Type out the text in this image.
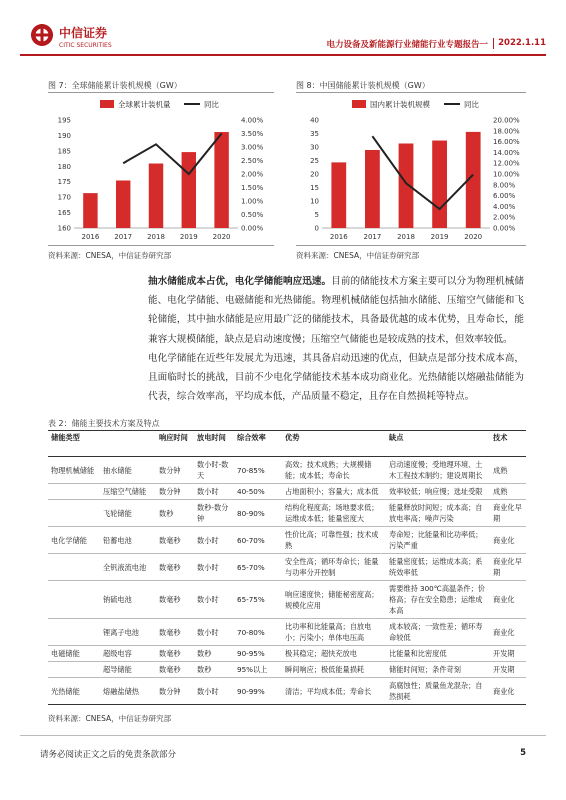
中信证券
CITIC SECURITIES	电力设备及新能源行业储能行业专题报告一 2022.1.11
图 7：全球储能累计装机规模（GW）
全球累计装机量	同比
195
190
185
180
175
170
165
160
4.00%
3.50%
3.00%
2.50%
2.00%
1.50%
1.00%
0.50%
0.00%
2016 2017 2018 2019 2020
资料来源：CNESA，中信证券研究部
图 8：中国储能累计装机规模（GW）
国内累计装机规模	同比
40
35
30
25
20
15
10
5
0
20.00%
18.00%
16.00%
14.00%
12.00%
10.00%
8.00%
6.00%
4.00%
2.00%
0.00%
2016 2017 2018 2019 2020
资料来源：CNESA，中信证券研究部

抽水储能成本占优，电化学储能响应迅速。目前的储能技术方案主要可以分为物理机械储能、电化学储能、电磁储能和光热储能。物理机械储能包括抽水储能、压缩空气储能和飞轮储能，其中抽水储能是应用最广泛的储能技术，具备最优越的成本优势，且寿命长，能兼容大规模储能，缺点是启动速度慢；压缩空气储能也是较成熟的技术，但效率较低。

电化学储能在近些年发展尤为迅速，其具备启动迅速的优点，但缺点是部分技术成本高，且面临时长的挑战，目前不少电化学储能技术基本成功商业化。光热储能以熔融盐储能为代表，综合效率高，平均成本低，产品质量不稳定，且存在自然损耗等特点。

表 2：储能主要技术方案及特点
储能类型		响应时间	放电时间	综合效率	优势	缺点	技术
物理机械储能	抽水储能	数分钟	数小时-数天	70-85%	高效；技术成熟；大规模储能；成本低；寿命长	启动速度慢；受地理环境、土木工程技术制约；建设周期长	成熟
	压缩空气储能	数分钟	数小时	40-50%	占地面积小；容量大；成本低	效率较低；响应慢；选址受限	成熟
	飞轮储能	数秒	数秒-数分钟	80-90%	结构化程度高；场地要求低；运维成本低；能量密度大	能量释放时间短；成本高；自放电率高；噪声污染	商业化早期
电化学储能	铅蓄电池	数毫秒	数小时	60-70%	性价比高；可靠性强；技术成熟	寿命短；比能量和比功率低；污染严重	商业化
	全钒液流电池	数毫秒	数小时	65-70%	安全性高；循环寿命长；能量与功率分开控制	能量密度低；运维成本高；系统效率低	商业化早期
	钠硫电池	数毫秒	数小时	65-75%	响应速度快；储能秘密度高；规模化应用	需要维持 300℃高温条件；价格高；存在安全隐患；运维成本高	商业化
	锂离子电池	数毫秒	数小时	70-80%	比功率和比能量高；自放电小；污染小；单体电压高	成本较高；一致性差；循环寿命较低	商业化
电磁储能	超级电容	数毫秒	数秒	90-95%	极其稳定；超快充放电	比能量和比密度低	开发期
	超导储能	数毫秒	数秒	95%以上	瞬间响应；极低能量损耗	储能时间短；条件苛刻	开发期
光热储能	熔融盐储热	数分钟	数小时	90-99%	清洁；平均成本低；寿命长	高腐蚀性；质量鱼龙混杂；自然损耗	商业化
资料来源：CNESA，中信证券研究部
请务必阅读正文之后的免责条款部分	5
